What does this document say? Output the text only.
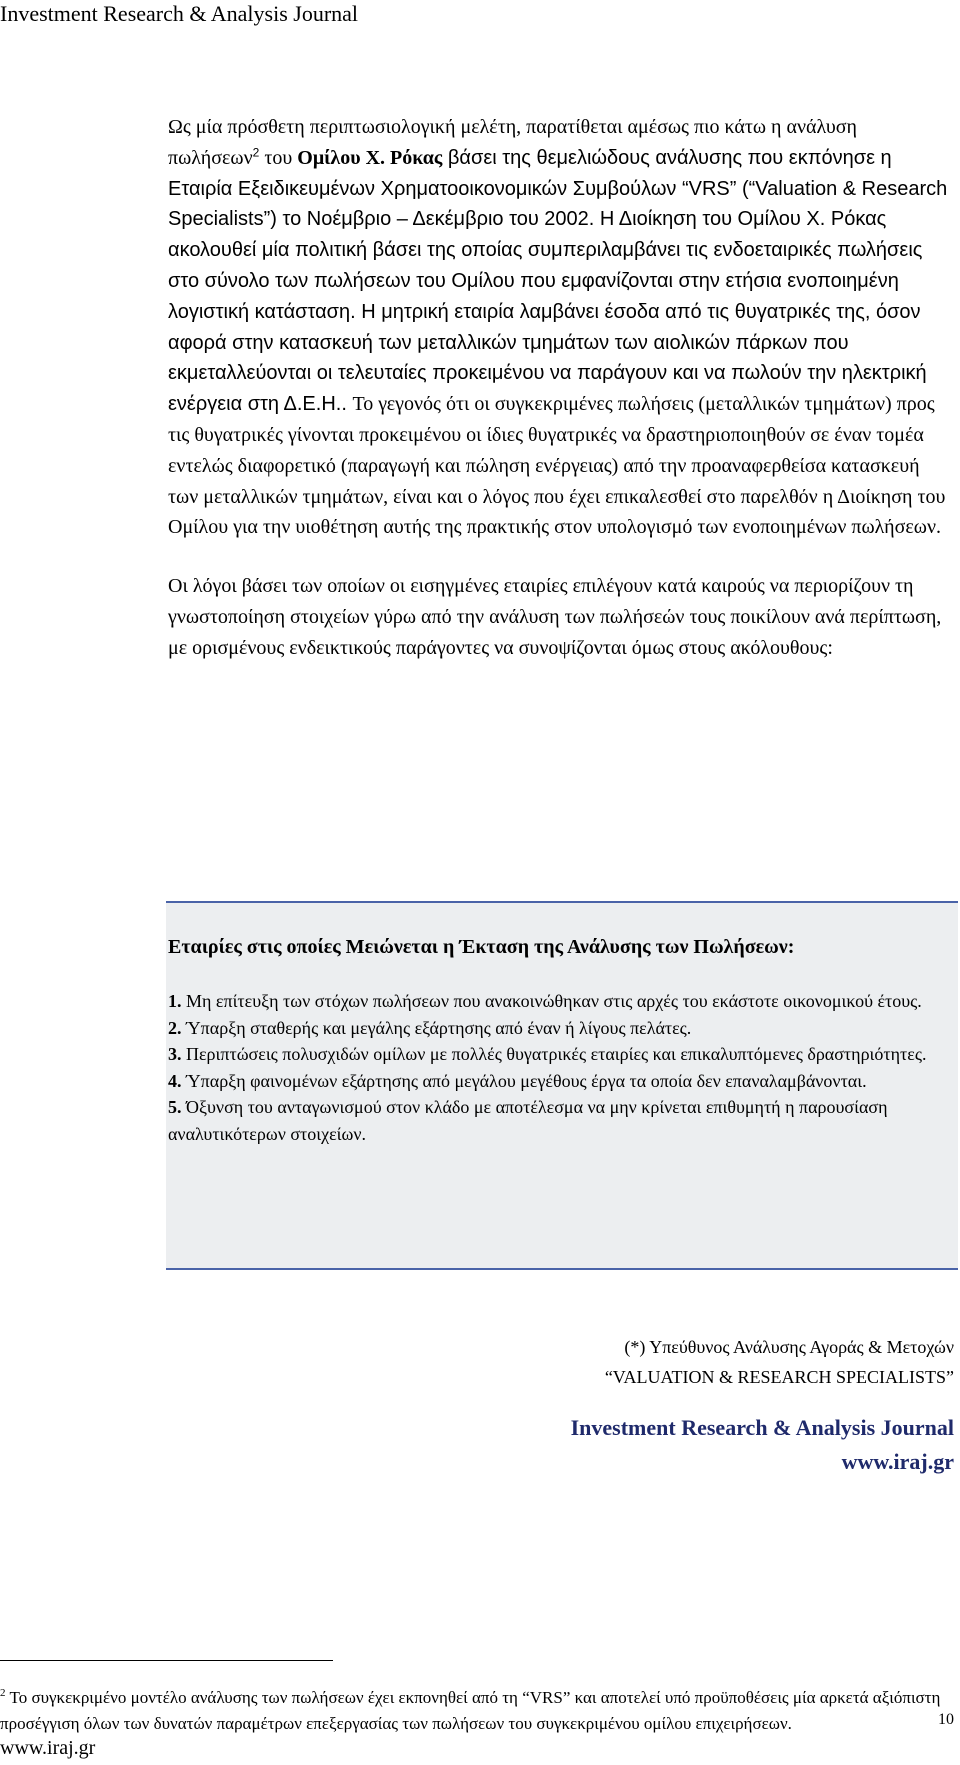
Investment Research & Analysis Journal

Ως μία πρόσθετη περιπτωσιολογική μελέτη, παρατίθεται αμέσως πιο κάτω η ανάλυση πωλήσεων$^2$ του Ομίλου Χ. Ρόκας βάσει της θεμελιώδους ανάλυσης που εκπόνησε η Εταιρία Εξειδικευμένων Χρηματοοικονομικών Συμβούλων “VRS” (“Valuation & Research Specialists”) το Νοέμβριο – Δεκέμβριο του 2002. Η Διοίκηση του Ομίλου Χ. Ρόκας ακολουθεί μία πολιτική βάσει της οποίας συμπεριλαμβάνει τις ενδοεταιρικές πωλήσεις στο σύνολο των πωλήσεων του Ομίλου που εμφανίζονται στην ετήσια ενοποιημένη λογιστική κατάσταση. Η μητρική εταιρία λαμβάνει έσοδα από τις θυγατρικές της, όσον αφορά στην κατασκευή των μεταλλικών τμημάτων των αιολικών πάρκων που εκμεταλλεύονται οι τελευταίες προκειμένου να παράγουν και να πωλούν την ηλεκτρική ενέργεια στη Δ.Ε.Η.. Το γεγονός ότι οι συγκεκριμένες πωλήσεις (μεταλλικών τμημάτων) προς τις θυγατρικές γίνονται προκειμένου οι ίδιες θυγατρικές να δραστηριοποιηθούν σε έναν τομέα εντελώς διαφορετικό (παραγωγή και πώληση ενέργειας) από την προαναφερθείσα κατασκευή των μεταλλικών τμημάτων, είναι και ο λόγος που έχει επικαλεσθεί στο παρελθόν η Διοίκηση του Ομίλου για την υιοθέτηση αυτής της πρακτικής στον υπολογισμό των ενοποιημένων πωλήσεων.

Οι λόγοι βάσει των οποίων οι εισηγμένες εταιρίες επιλέγουν κατά καιρούς να περιορίζουν τη γνωστοποίηση στοιχείων γύρω από την ανάλυση των πωλήσεών τους ποικίλουν ανά περίπτωση, με ορισμένους ενδεικτικούς παράγοντες να συνοψίζονται όμως στους ακόλουθους:

Εταιρίες στις οποίες Μειώνεται η Έκταση της Ανάλυσης των Πωλήσεων:
1. Μη επίτευξη των στόχων πωλήσεων που ανακοινώθηκαν στις αρχές του εκάστοτε οικονομικού έτους.
2. Ύπαρξη σταθερής και μεγάλης εξάρτησης από έναν ή λίγους πελάτες.
3. Περιπτώσεις πολυσχιδών ομίλων με πολλές θυγατρικές εταιρίες και επικαλυπτόμενες δραστηριότητες.
4. Ύπαρξη φαινομένων εξάρτησης από μεγάλου μεγέθους έργα τα οποία δεν επαναλαμβάνονται.
5. Όξυνση του ανταγωνισμού στον κλάδο με αποτέλεσμα να μην κρίνεται επιθυμητή η παρουσίαση αναλυτικότερων στοιχείων.
(*) Υπεύθυνος Ανάλυσης Αγοράς & Μετοχών
“VALUATION & RESEARCH SPECIALISTS”
Investment Research & Analysis Journal
www.iraj.gr
$^2$ Το συγκεκριμένο μοντέλο ανάλυσης των πωλήσεων έχει εκπονηθεί από τη “VRS” και αποτελεί υπό προϋποθέσεις μία αρκετά αξιόπιστη προσέγγιση όλων των δυνατών παραμέτρων επεξεργασίας των πωλήσεων του συγκεκριμένου ομίλου επιχειρήσεων.	10
www.iraj.gr
